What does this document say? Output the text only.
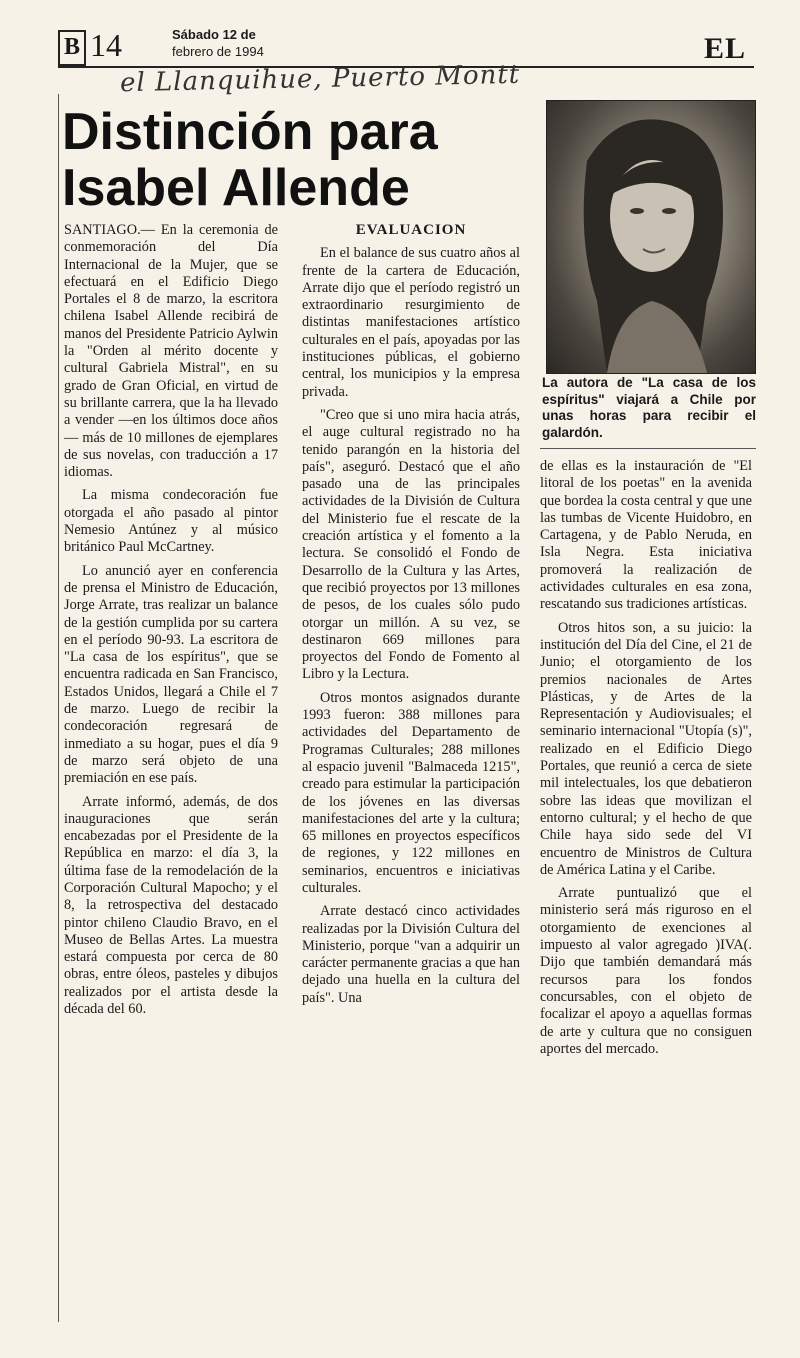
B 14	Sábado 12 de
febrero de 1994	EL
el Llanquihue, Puerto Montt
Distinción para
Isabel Allende
La autora de "La casa de los espíritus" viajará a Chile por unas horas para recibir el galardón.

SANTIAGO.— En la ceremonia de conmemoración del Día Internacional de la Mujer, que se efectuará en el Edificio Diego Portales el 8 de marzo, la escritora chilena Isabel Allende recibirá de manos del Presidente Patricio Aylwin la "Orden al mérito docente y cultural Gabriela Mistral", en su grado de Gran Oficial, en virtud de su brillante carrera, que la ha llevado a vender —en los últimos doce años— más de 10 millones de ejemplares de sus novelas, con traducción a 17 idiomas.

La misma condecoración fue otorgada el año pasado al pintor Nemesio Antúnez y al músico británico Paul McCartney.

Lo anunció ayer en conferencia de prensa el Ministro de Educación, Jorge Arrate, tras realizar un balance de la gestión cumplida por su cartera en el período 90-93. La escritora de "La casa de los espíritus", que se encuentra radicada en San Francisco, Estados Unidos, llegará a Chile el 7 de marzo. Luego de recibir la condecoración regresará de inmediato a su hogar, pues el día 9 de marzo será objeto de una premiación en ese país.

Arrate informó, además, de dos inauguraciones que serán encabezadas por el Presidente de la República en marzo: el día 3, la última fase de la remodelación de la Corporación Cultural Mapocho; y el 8, la retrospectiva del destacado pintor chileno Claudio Bravo, en el Museo de Bellas Artes. La muestra estará compuesta por cerca de 80 obras, entre óleos, pasteles y dibujos realizados por el artista desde la década del 60.

EVALUACION

En el balance de sus cuatro años al frente de la cartera de Educación, Arrate dijo que el período registró un extraordinario resurgimiento de distintas manifestaciones artístico culturales en el país, apoyadas por las instituciones públicas, el gobierno central, los municipios y la empresa privada.

"Creo que si uno mira hacia atrás, el auge cultural registrado no ha tenido parangón en la historia del país", aseguró. Destacó que el año pasado una de las principales actividades de la División de Cultura del Ministerio fue el rescate de la creación artística y el fomento a la lectura. Se consolidó el Fondo de Desarrollo de la Cultura y las Artes, que recibió proyectos por 13 millones de pesos, de los cuales sólo pudo otorgar un millón. A su vez, se destinaron 669 millones para proyectos del Fondo de Fomento al Libro y la Lectura.

Otros montos asignados durante 1993 fueron: 388 millones para actividades del Departamento de Programas Culturales; 288 millones al espacio juvenil "Balmaceda 1215", creado para estimular la participación de los jóvenes en las diversas manifestaciones del arte y la cultura; 65 millones en proyectos específicos de regiones, y 122 millones en seminarios, encuentros e iniciativas culturales.

Arrate destacó cinco actividades realizadas por la División Cultura del Ministerio, porque "van a adquirir un carácter permanente gracias a que han dejado una huella en la cultura del país". Una

de ellas es la instauración de "El litoral de los poetas" en la avenida que bordea la costa central y que une las tumbas de Vicente Huidobro, en Cartagena, y de Pablo Neruda, en Isla Negra. Esta iniciativa promoverá la realización de actividades culturales en esa zona, rescatando sus tradiciones artísticas.

Otros hitos son, a su juicio: la institución del Día del Cine, el 21 de Junio; el otorgamiento de los premios nacionales de Artes Plásticas, y de Artes de la Representación y Audiovisuales; el seminario internacional "Utopía (s)", realizado en el Edificio Diego Portales, que reunió a cerca de siete mil intelectuales, los que debatieron sobre las ideas que movilizan el entorno cultural; y el hecho de que Chile haya sido sede del VI encuentro de Ministros de Cultura de América Latina y el Caribe.

Arrate puntualizó que el ministerio será más riguroso en el otorgamiento de exenciones al impuesto al valor agregado )IVA(. Dijo que también demandará más recursos para los fondos concursables, con el objeto de focalizar el apoyo a aquellas formas de arte y cultura que no consiguen aportes del mercado.
